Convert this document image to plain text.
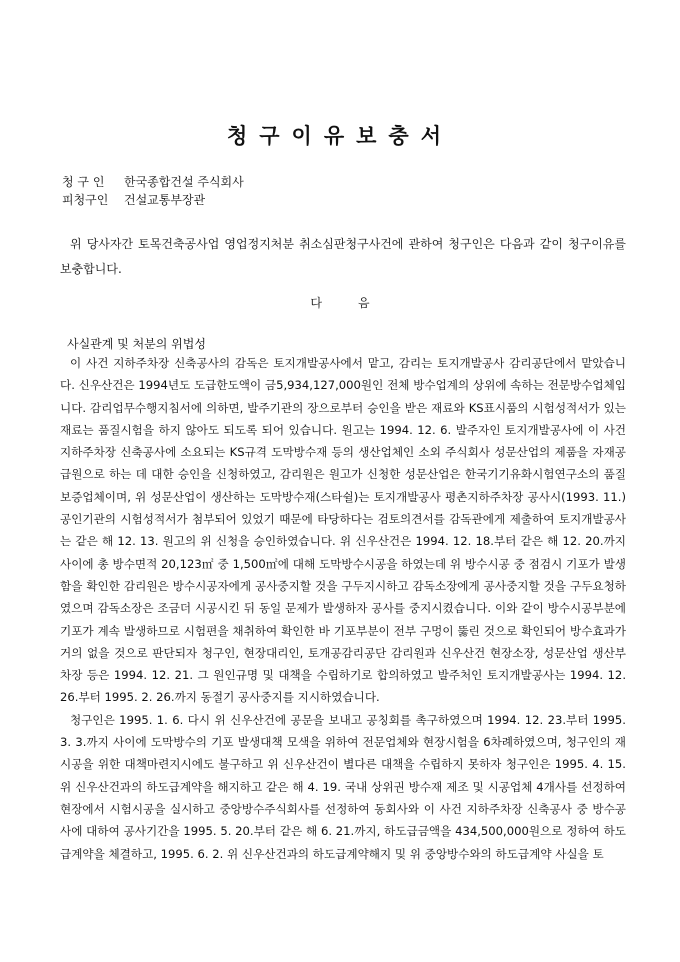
청구이유보충서
청 구 인 한국종합건설 주식회사
피청구인 건설교통부장관
위 당사자간 토목건축공사업 영업정지처분 취소심판청구사건에 관하여 청구인은 다음과 같이 청구이유를 보충합니다.
다음
사실관계 및 처분의 위법성

이 사건 지하주차장 신축공사의 감독은 토지개발공사에서 맡고, 감리는 토지개발공사 감리공단에서 맡았습니다. 신우산건은 1994년도 도급한도액이 금5,934,127,000원인 전체 방수업계의 상위에 속하는 전문방수업체입니다. 감리업무수행지침서에 의하면, 발주기관의 장으로부터 승인을 받은 재료와 KS표시품의 시험성적서가 있는 재료는 품질시험을 하지 않아도 되도록 되어 있습니다. 원고는 1994. 12. 6. 발주자인 토지개발공사에 이 사건 지하주차장 신축공사에 소요되는 KS규격 도막방수재 등의 생산업체인 소외 주식회사 성문산업의 제품을 자재공급원으로 하는 데 대한 승인을 신청하였고, 감리원은 원고가 신청한 성문산업은 한국기기유화시험연구소의 품질보증업체이며, 위 성문산업이 생산하는 도막방수재(스타쉴)는 토지개발공사 평촌지하주차장 공사시(1993. 11.) 공인기관의 시험성적서가 첨부되어 있었기 때문에 타당하다는 검토의견서를 감독관에게 제출하여 토지개발공사는 같은 해 12. 13. 원고의 위 신청을 승인하였습니다. 위 신우산건은 1994. 12. 18.부터 같은 해 12. 20.까지 사이에 총 방수면적 20,123㎡ 중 1,500㎡에 대해 도막방수시공을 하였는데 위 방수시공 중 점검시 기포가 발생함을 확인한 감리원은 방수시공자에게 공사중지할 것을 구두지시하고 감독소장에게 공사중지할 것을 구두요청하였으며 감독소장은 조금더 시공시킨 뒤 동일 문제가 발생하자 공사를 중지시켰습니다. 이와 같이 방수시공부분에 기포가 계속 발생하므로 시험편을 채취하여 확인한 바 기포부분이 전부 구멍이 뚫린 것으로 확인되어 방수효과가 거의 없을 것으로 판단되자 청구인, 현장대리인, 토개공감리공단 감리원과 신우산건 현장소장, 성문산업 생산부차장 등은 1994. 12. 21. 그 원인규명 및 대책을 수립하기로 합의하였고 발주처인 토지개발공사는 1994. 12. 26.부터 1995. 2. 26.까지 동절기 공사중지를 지시하였습니다.

청구인은 1995. 1. 6. 다시 위 신우산건에 공문을 보내고 공칭회를 촉구하였으며 1994. 12. 23.부터 1995. 3. 3.까지 사이에 도막방수의 기포 발생대책 모색을 위하여 전문업체와 현장시험을 6차례하였으며, 청구인의 재시공을 위한 대책마련지시에도 불구하고 위 신우산건이 별다른 대책을 수립하지 못하자 청구인은 1995. 4. 15. 위 신우산건과의 하도급계약을 해지하고 같은 해 4. 19. 국내 상위권 방수재 제조 및 시공업체 4개사를 선정하여 현장에서 시험시공을 실시하고 중앙방수주식회사를 선정하여 동회사와 이 사건 지하주차장 신축공사 중 방수공사에 대하여 공사기간을 1995. 5. 20.부터 같은 해 6. 21.까지, 하도급금액을 434,500,000원으로 정하여 하도급계약을 체결하고, 1995. 6. 2. 위 신우산건과의 하도급계약해지 및 위 중앙방수와의 하도급계약 사실을 토
